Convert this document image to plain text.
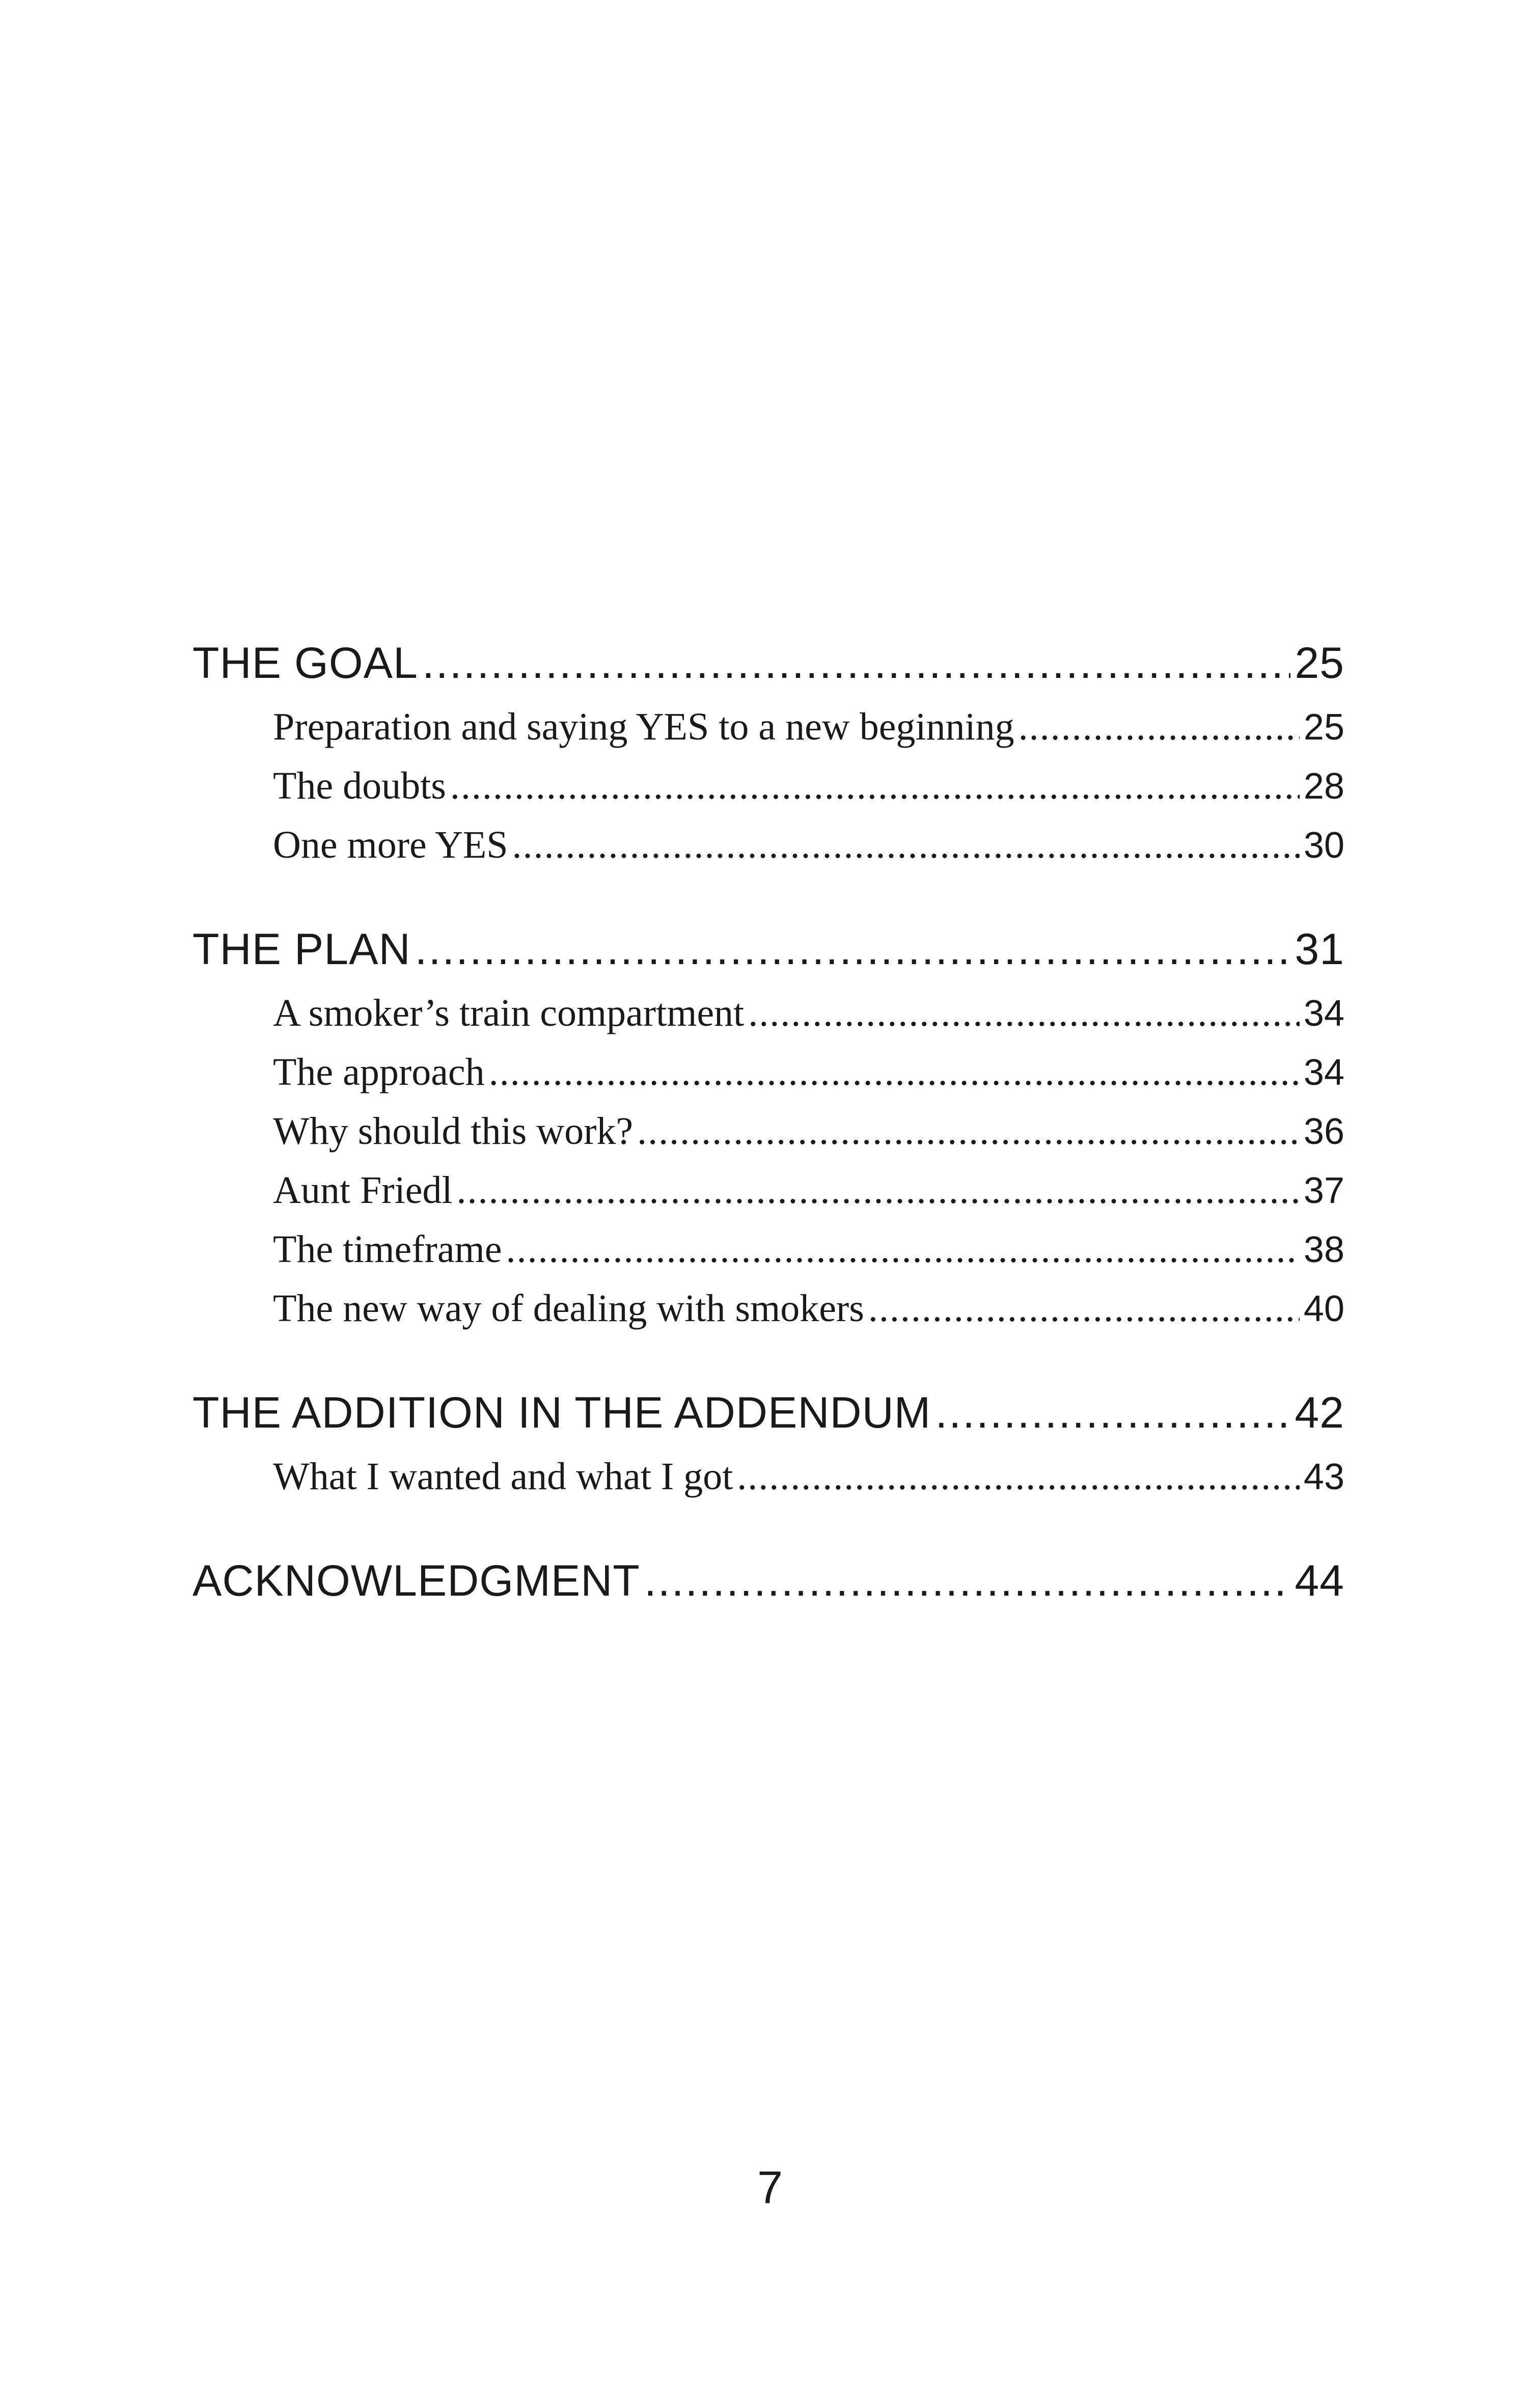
THE GOAL .....	25
Preparation and saying YES to a new beginning .....	25
The doubts .....	28
One more YES .....	30
THE PLAN .....	31
A smoker’s train compartment .....	34
The approach .....	34
Why should this work? .....	36
Aunt Friedl .....	37
The timeframe .....	38
The new way of dealing with smokers .....	40
THE ADDITION IN THE ADDENDUM .....	42
What I wanted and what I got .....	43
ACKNOWLEDGMENT .....	44
7
